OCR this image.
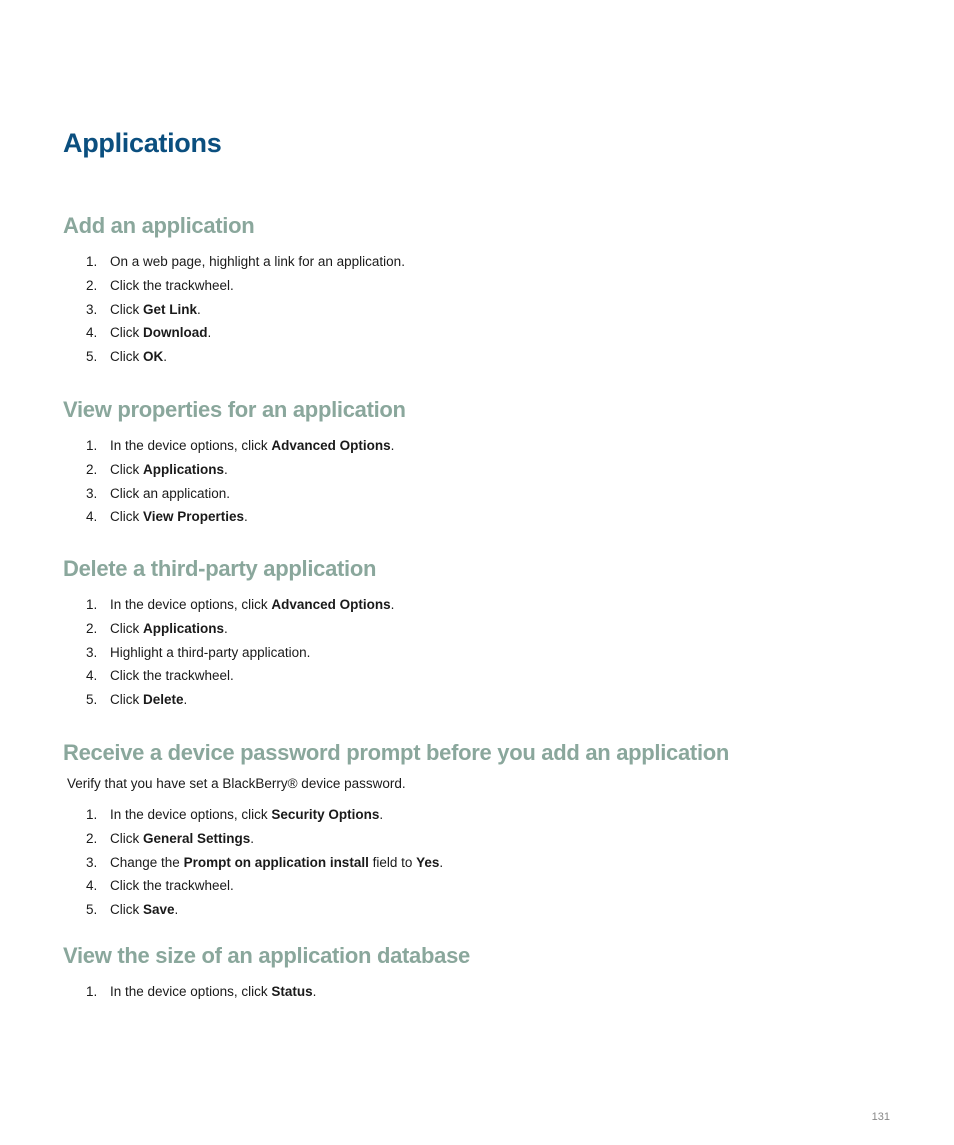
Applications
Add an application
1. On a web page, highlight a link for an application.
2. Click the trackwheel.
3. Click Get Link.
4. Click Download.
5. Click OK.
View properties for an application
1. In the device options, click Advanced Options.
2. Click Applications.
3. Click an application.
4. Click View Properties.
Delete a third-party application
1. In the device options, click Advanced Options.
2. Click Applications.
3. Highlight a third-party application.
4. Click the trackwheel.
5. Click Delete.
Receive a device password prompt before you add an application

Verify that you have set a BlackBerry® device password.

1. In the device options, click Security Options.
2. Click General Settings.
3. Change the Prompt on application install field to Yes.
4. Click the trackwheel.
5. Click Save.
View the size of an application database
1. In the device options, click Status.
131
